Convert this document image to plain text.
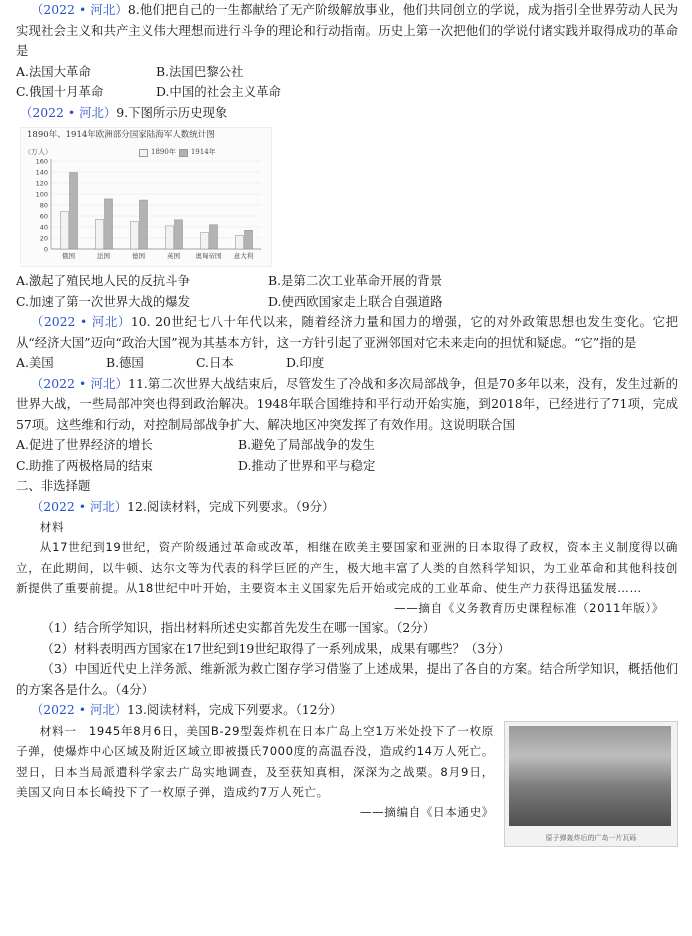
（2022 • 河北）8.他们把自己的一生都献给了无产阶级解放事业，他们共同创立的学说，成为指引全世界劳动人民为实现社会主义和共产主义伟大理想而进行斗争的理论和行动指南。历史上第一次把他们的学说付诸实践并取得成功的革命是

A.法国大革命	B.法国巴黎公社
C.俄国十月革命	D.中国的社会主义革命

（2022 • 河北）9.下图所示历史现象

1890年、1914年欧洲部分国家陆海军人数统计图
（万人）	1890年 1914年
0
20
40
60
80
100
120
140
160
俄国	法国	德国	英国 奥匈帝国 意大利
A.激起了殖民地人民的反抗斗争	B.是第二次工业革命开展的背景
C.加速了第一次世界大战的爆发	D.使西欧国家走上联合自强道路

（2022 • 河北）10. 20世纪七八十年代以来，随着经济力量和国力的增强，它的对外政策思想也发生变化。它把从“经济大国”迈向“政治大国”视为其基本方针，这一方针引起了亚洲邻国对它未来走向的担忧和疑虑。“它”指的是

A.美国	B.德国	C.日本	D.印度

（2022 • 河北）11.第二次世界大战结束后，尽管发生了冷战和多次局部战争，但是70多年以来，没有，发生过新的世界大战，一些局部冲突也得到政治解决。1948年联合国维持和平行动开始实施，到2018年，已经进行了71项，完成57项。这些维和行动，对控制局部战争扩大、解决地区冲突发挥了有效作用。这说明联合国

A.促进了世界经济的增长	B.避免了局部战争的发生
C.助推了两极格局的结束	D.推动了世界和平与稳定

二、非选择题

（2022 • 河北）12.阅读材料，完成下列要求。（9分）

材料

从17世纪到19世纪，资产阶级通过革命或改革，相继在欧美主要国家和亚洲的日本取得了政权，资本主义制度得以确立，在此期间，以牛顿、达尔文等为代表的科学巨匠的产生，极大地丰富了人类的自然科学知识，为工业革命和其他科技创新提供了重要前提。从18世纪中叶开始，主要资本主义国家先后开始或完成的工业革命、使生产力获得迅猛发展……

——摘自《义务教育历史课程标准（2011年版）》

（1）结合所学知识，指出材料所述史实都首先发生在哪一国家。（2分）

（2）材料表明西方国家在17世纪到19世纪取得了一系列成果，成果有哪些？（3分）

（3）中国近代史上洋务派、维新派为救亡图存学习借鉴了上述成果，提出了各自的方案。结合所学知识，概括他们的方案各是什么。（4分）

（2022 • 河北）13.阅读材料，完成下列要求。（12分）

材料一　1945年8月6日，美国B-29型轰炸机在日本广岛上空1万米处投下了一枚原子弹，使爆炸中心区域及附近区域立即被摄氏7000度的高温吞没，造成约14万人死亡。翌日，日本当局派遣科学家去广岛实地调查，及至获知真相，深深为之战栗。8月9日，美国又向日本长崎投下了一枚原子弹，造成约7万人死亡。

原子弹轰炸后的广岛一片瓦砾

——摘编自《日本通史》
